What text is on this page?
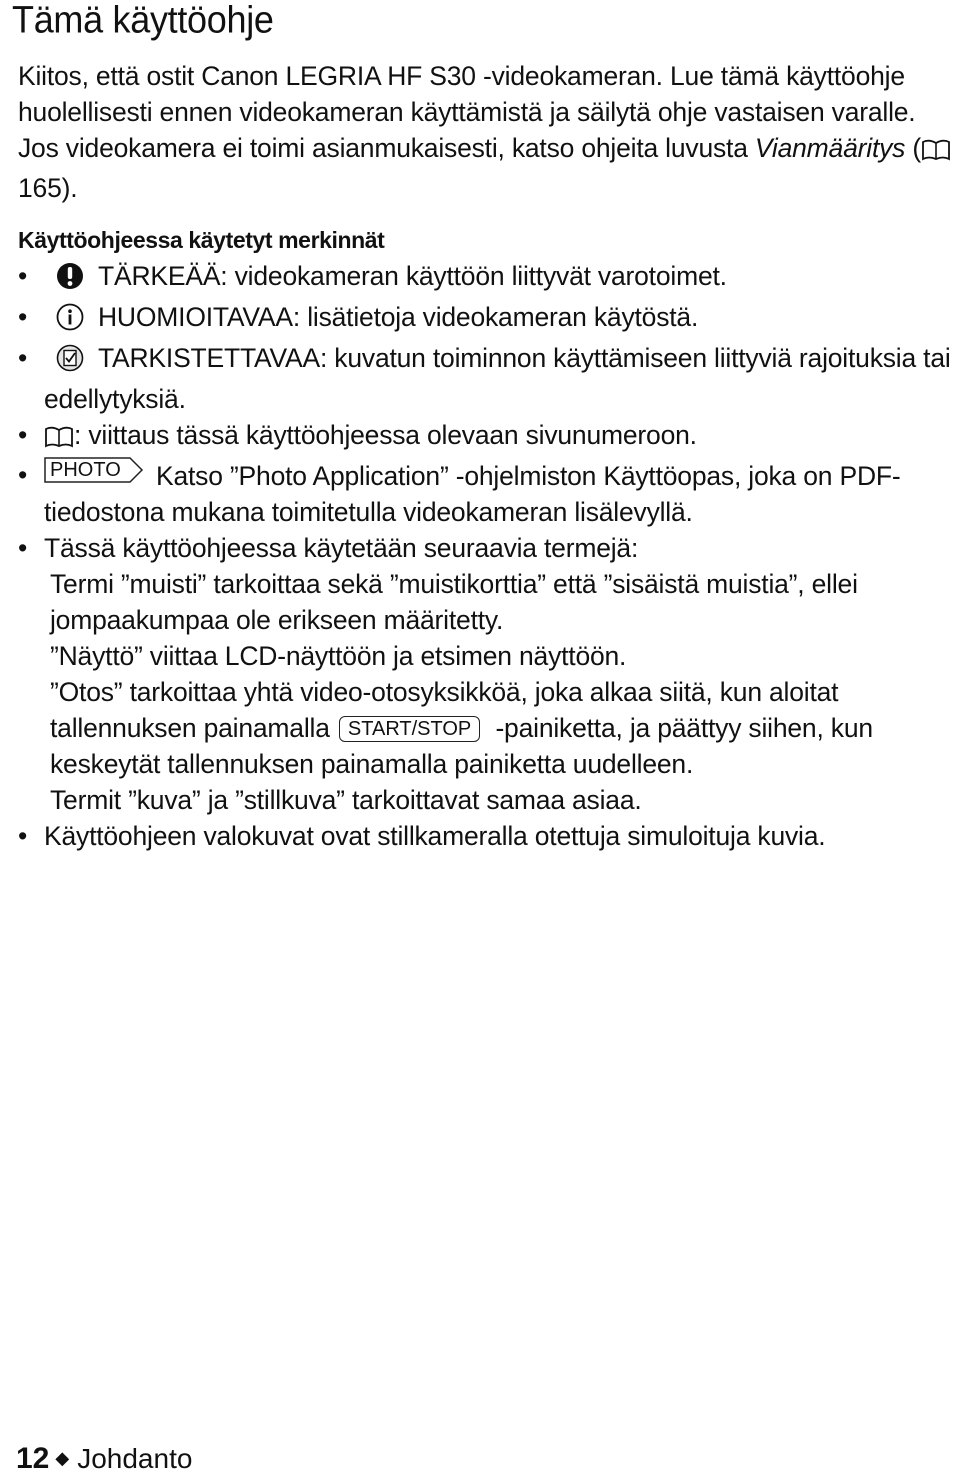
Tämä käyttöohje

Kiitos, että ostit Canon LEGRIA HF S30 -videokameran. Lue tämä käyttöohje huolellisesti ennen videokameran käyttämistä ja säilytä ohje vastaisen varalle. Jos videokamera ei toimi asianmukaisesti, katso ohjeita luvusta Vianmääritys ( 165).

Käyttöohjeessa käytetyt merkinnät
•
TÄRKEÄÄ: videokameran käyttöön liittyvät varotoimet.
•
HUOMIOITAVAA: lisätietoja videokameran käytöstä.
•
TARKISTETTAVAA: kuvatun toiminnon käyttämiseen liittyviä rajoituksia tai edellytyksiä.
•
: viittaus tässä käyttöohjeessa olevaan sivunumeroon.
•
PHOTO Katso ”Photo Application” -ohjelmiston Käyttöopas, joka on PDF-tiedostona mukana toimitetulla videokameran lisälevyllä.
•
Tässä käyttöohjeessa käytetään seuraavia termejä:

Termi ”muisti” tarkoittaa sekä ”muistikorttia” että ”sisäistä muistia”, ellei jompaakumpaa ole erikseen määritetty.

”Näyttö” viittaa LCD-näyttöön ja etsimen näyttöön.

”Otos” tarkoittaa yhtä video-otosyksikköä, joka alkaa siitä, kun aloitat tallennuksen painamalla START/STOP -painiketta, ja päättyy siihen, kun keskeytät tallennuksen painamalla painiketta uudelleen.

Termit ”kuva” ja ”stillkuva” tarkoittavat samaa asiaa.

•
Käyttöohjeen valokuvat ovat stillkameralla otettuja simuloituja kuvia.
12 ◆ Johdanto
